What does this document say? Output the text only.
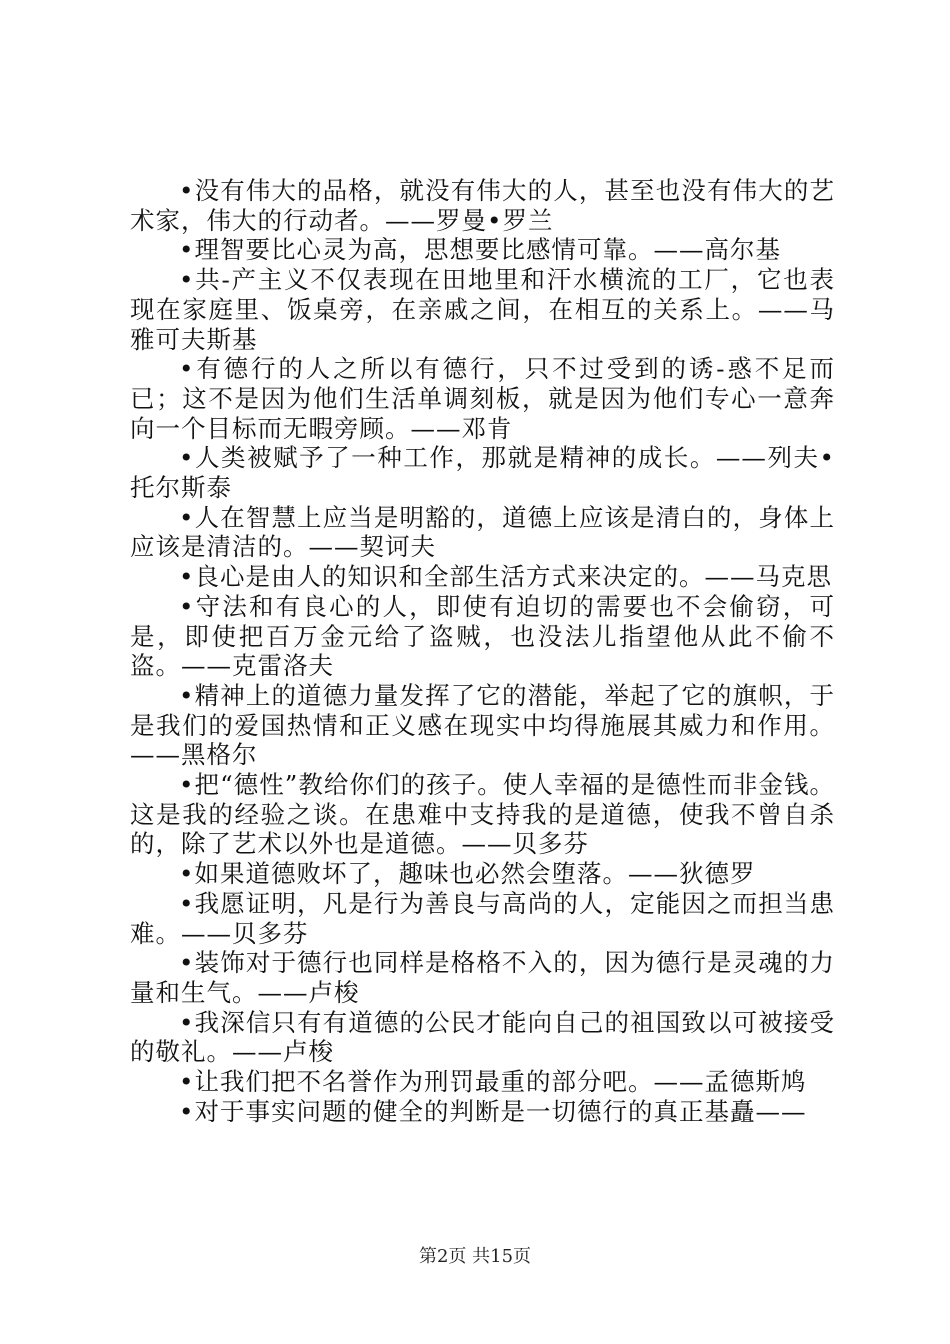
•没有伟大的品格，就没有伟大的人，甚至也没有伟大的艺术家，伟大的行动者。——罗曼•罗兰

•理智要比心灵为高，思想要比感情可靠。——高尔基

•共-产主义不仅表现在田地里和汗水横流的工厂，它也表现在家庭里、饭桌旁，在亲戚之间，在相互的关系上。——马雅可夫斯基

•有德行的人之所以有德行，只不过受到的诱-惑不足而已；这不是因为他们生活单调刻板，就是因为他们专心一意奔向一个目标而无暇旁顾。——邓肯

•人类被赋予了一种工作，那就是精神的成长。——列夫•托尔斯泰

•人在智慧上应当是明豁的，道德上应该是清白的，身体上应该是清洁的。——契诃夫

•良心是由人的知识和全部生活方式来决定的。——马克思

•守法和有良心的人，即使有迫切的需要也不会偷窃，可是，即使把百万金元给了盗贼，也没法儿指望他从此不偷不盗。——克雷洛夫

•精神上的道德力量发挥了它的潜能，举起了它的旗帜，于是我们的爱国热情和正义感在现实中均得施展其威力和作用。——黑格尔

•把“德性”教给你们的孩子。使人幸福的是德性而非金钱。这是我的经验之谈。在患难中支持我的是道德，使我不曾自杀的，除了艺术以外也是道德。——贝多芬

•如果道德败坏了，趣味也必然会堕落。——狄德罗

•我愿证明，凡是行为善良与高尚的人，定能因之而担当患难。——贝多芬

•装饰对于德行也同样是格格不入的，因为德行是灵魂的力量和生气。——卢梭

•我深信只有有道德的公民才能向自己的祖国致以可被接受的敬礼。——卢梭

•让我们把不名誉作为刑罚最重的部分吧。——孟德斯鸠

•对于事实问题的健全的判断是一切德行的真正基矗——

第2页 共15页
